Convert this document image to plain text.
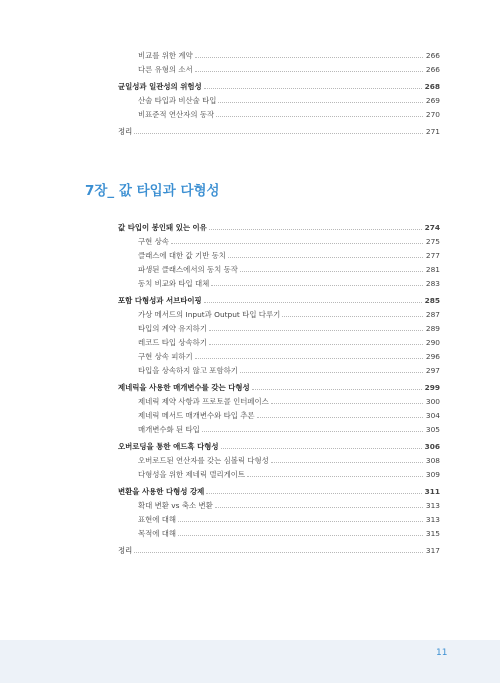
비교를 위한 계약	266
다른 유형의 소서	266
균일성과 일관성의 위험성	268
산술 타입과 비산술 타입	269
비표준적 연산자의 동작	270
정리	271
7장_ 값 타입과 다형성
값 타입이 봉인돼 있는 이유	274
구현 상속	275
클래스에 대한 값 기반 동치	277
파생된 클래스에서의 동치 동작	281
동치 비교와 타입 대체	283
포함 다형성과 서브타이핑	285
가상 메서드의 Input과 Output 타입 다루기	287
타입의 계약 유지하기	289
레코드 타입 상속하기	290
구현 상속 피하기	296
타입을 상속하지 않고 포함하기	297
제네릭을 사용한 매개변수를 갖는 다형성	299
제네릭 제약 사항과 프로토콜 인터페이스	300
제네릭 메서드 매개변수와 타입 추론	304
매개변수화 된 타입	305
오버로딩을 통한 애드혹 다형성	306
오버로드된 연산자를 갖는 심볼릭 다형성	308
다형성을 위한 제네릭 델리게이트	309
변환을 사용한 다형성 강제	311
확대 변환 vs 축소 변환	313
표현에 대해	313
목적에 대해	315
정리	317
11
